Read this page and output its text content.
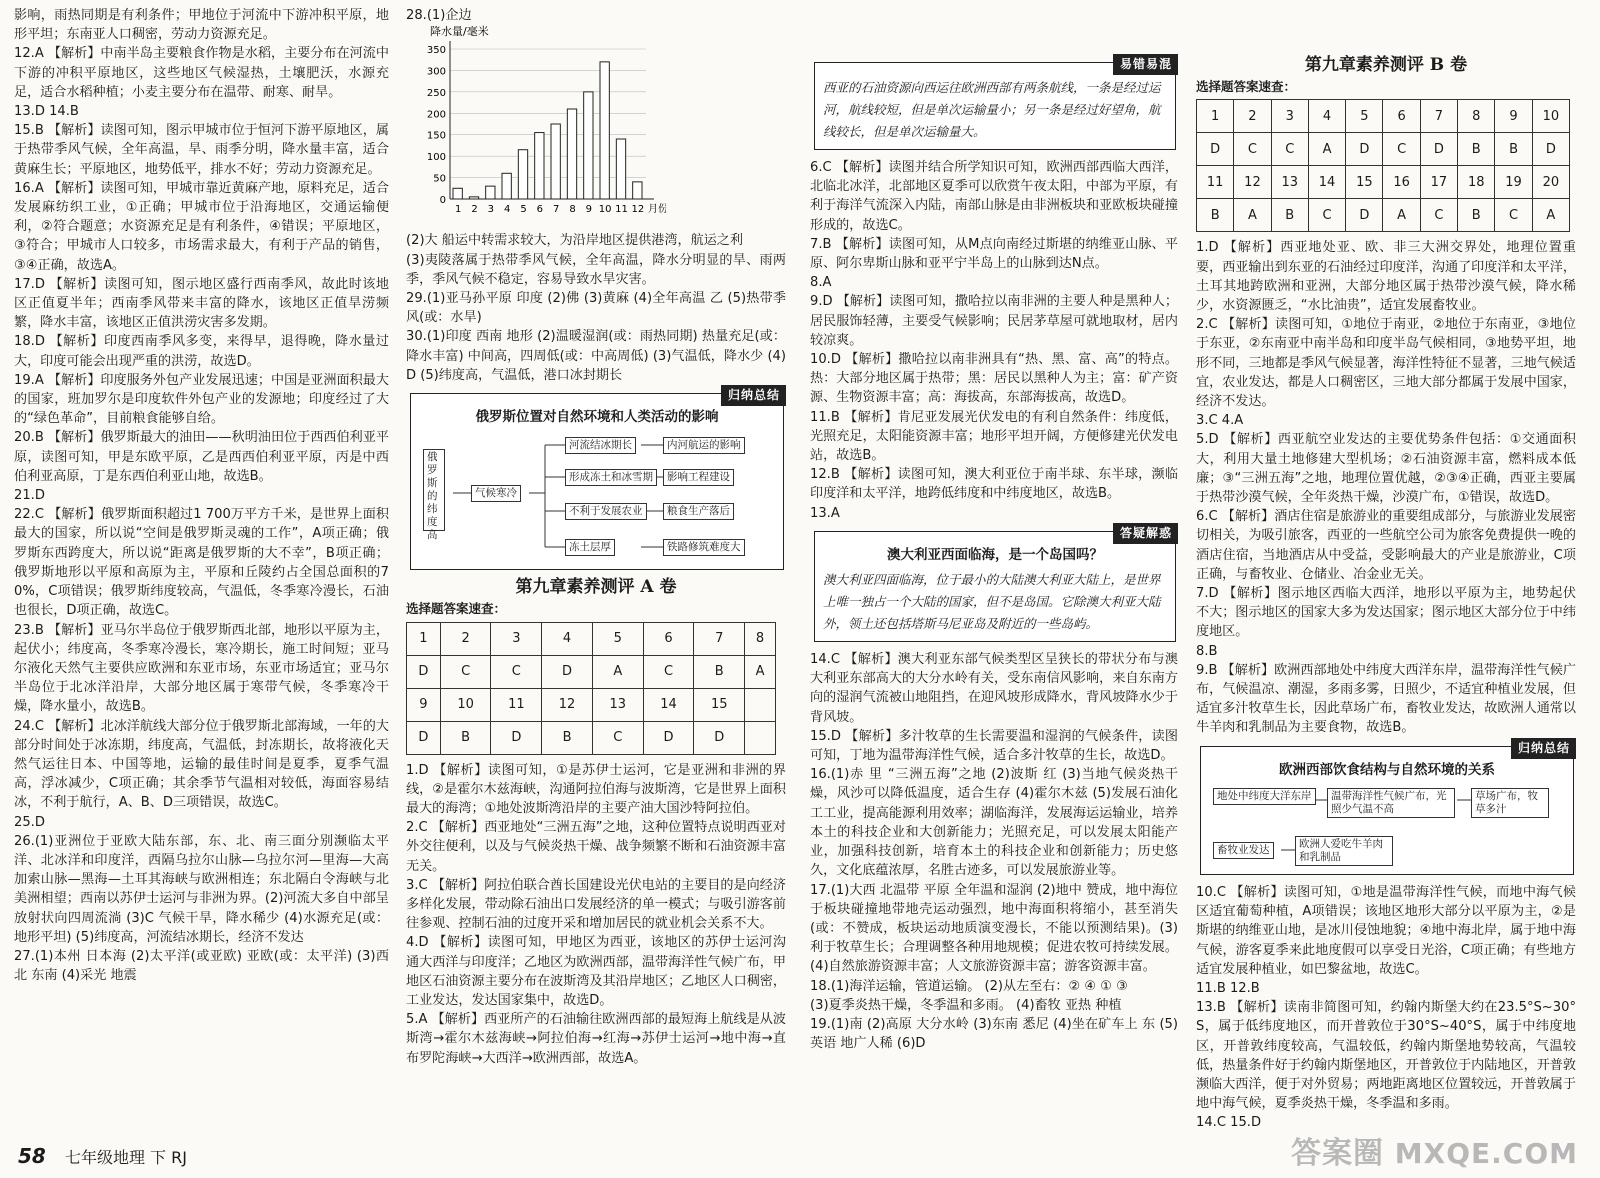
影响，雨热同期是有利条件；甲地位于河流中下游冲积平原，地形平坦；东南亚人口稠密，劳动力资源充足。

12.A 【解析】中南半岛主要粮食作物是水稻，主要分布在河流中下游的冲积平原地区，这些地区气候湿热，土壤肥沃，水源充足，适合水稻种植；小麦主要分布在温带、耐寒、耐旱。

13.D 14.B

15.B 【解析】读图可知，图示甲城市位于恒河下游平原地区，属于热带季风气候，全年高温，旱、雨季分明，降水量丰富，适合黄麻生长；平原地区，地势低平，排水不好；劳动力资源充足。

16.A 【解析】读图可知，甲城市靠近黄麻产地，原料充足，适合发展麻纺织工业，①正确；甲城市位于沿海地区，交通运输便利，②符合题意；水资源充足是有利条件，④错误；平原地区，③符合；甲城市人口较多，市场需求最大，有利于产品的销售，③④正确，故选A。

17.D 【解析】读图可知，图示地区盛行西南季风，故此时该地区正值夏半年；西南季风带来丰富的降水，该地区正值旱涝频繁，降水丰富，该地区正值洪涝灾害多发期。

18.D 【解析】印度西南季风多变，来得早，退得晚，降水量过大，印度可能会出现严重的洪涝，故选D。

19.A 【解析】印度服务外包产业发展迅速；中国是亚洲面积最大的国家，班加罗尔是印度软件外包产业的发源地；印度经过了大的“绿色革命”，目前粮食能够自给。

20.B 【解析】俄罗斯最大的油田——秋明油田位于西西伯利亚平原，读图可知，甲是东欧平原，乙是西西伯利亚平原，丙是中西伯利亚高原，丁是东西伯利亚山地，故选B。

21.D

22.C 【解析】俄罗斯面积超过1 700万平方千米，是世界上面积最大的国家，所以说“空间是俄罗斯灵魂的工作”，A项正确；俄罗斯东西跨度大，所以说“距离是俄罗斯的大不幸”，B项正确；俄罗斯地形以平原和高原为主，平原和丘陵约占全国总面积的70%，C项错误；俄罗斯纬度较高，气温低，冬季寒冷漫长，石油也很长，D项正确，故选C。

23.B 【解析】亚马尔半岛位于俄罗斯西北部，地形以平原为主，起伏小；纬度高，冬季寒冷漫长，寒冷期长，施工时间短；亚马尔液化天然气主要供应欧洲和东亚市场，东亚市场适宜；亚马尔半岛位于北冰洋沿岸，大部分地区属于寒带气候，冬季寒冷干燥，降水量小，故选B。

24.C 【解析】北冰洋航线大部分位于俄罗斯北部海域，一年的大部分时间处于冰冻期，纬度高，气温低，封冻期长，故将液化天然气运往日本、中国等地，运输的最佳时间是夏季，夏季气温高，浮冰减少，C项正确；其余季节气温相对较低，海面容易结冰，不利于航行，A、B、D三项错误，故选C。

25.D

26.(1)亚洲位于亚欧大陆东部，东、北、南三面分别濒临太平洋、北冰洋和印度洋，西隔乌拉尔山脉—乌拉尔河—里海—大高加索山脉—黑海—土耳其海峡与欧洲相连；东北隔白令海峡与北美洲相望；西南以苏伊士运河与非洲为界。(2)河流大多自中部呈放射状向四周流淌 (3)C 气候干旱，降水稀少 (4)水源充足(或：地形平坦) (5)纬度高，河流结冰期长，经济不发达

27.(1)本州 日本海 (2)太平洋(或亚欧) 亚欧(或：太平洋) (3)西北 东南 (4)采光 地震

28.(1)企边

降水量/毫米
0
50
100
150
200
250
300
350
1 2 3 4 5 6 7 8 9 10 11 12 月份

(2)大 船运中转需求较大，为沿岸地区提供港湾，航运之利

(3)夷陵落属于热带季风气候，全年高温，降水分明显的旱、雨两季，季风气候不稳定，容易导致水旱灾害。

29.(1)亚马孙平原 印度 (2)佛 (3)黄麻 (4)全年高温 乙 (5)热带季风(或：水旱)

30.(1)印度 西南 地形 (2)温暖湿润(或：雨热同期) 热量充足(或：降水丰富) 中间高，四周低(或：中高周低) (3)气温低，降水少 (4)D (5)纬度高，气温低，港口冰封期长

归纳总结
俄罗斯位置对自然环境和人类活动的影响
俄罗斯的纬度高
气候寒冷
河流结冰期长	内河航运的影响
形成冻土和冰雪期	影响工程建设
不利于发展农业	粮食生产落后
冻土层厚	铁路修筑难度大
第九章素养测评 A 卷
选择题答案速查：
1	2	3	4	5	6	7	8
D	C	C	D	A	C	B	A
9	10	11	12	13	14	15	
D	B	D	B	C	D	D	

1.D 【解析】读图可知，①是苏伊士运河，它是亚洲和非洲的界线，②是霍尔木兹海峡，沟通阿拉伯海与波斯湾，它是世界上面积最大的海湾；①地处波斯湾沿岸的主要产油大国沙特阿拉伯。

2.C 【解析】西亚地处“三洲五海”之地，这种位置特点说明西亚对外交往便利，以及与气候炎热干燥、战争频繁不断和石油资源丰富无关。

3.C 【解析】阿拉伯联合酋长国建设光伏电站的主要目的是向经济多样化发展，带动除石油出口发展经济的单一模式；与吸引游客前往参观、控制石油的过度开采和增加居民的就业机会关系不大。

4.D 【解析】读图可知，甲地区为西亚，该地区的苏伊士运河沟通大西洋与印度洋；乙地区为欧洲西部，温带海洋性气候广布，甲地区石油资源主要分布在波斯湾及其沿岸地区；乙地区人口稠密，工业发达，发达国家集中，故选D。

5.A 【解析】西亚所产的石油输往欧洲西部的最短海上航线是从波斯湾→霍尔木兹海峡→阿拉伯海→红海→苏伊士运河→地中海→直布罗陀海峡→大西洋→欧洲西部，故选A。

易错易混
西亚的石油资源向西运往欧洲西部有两条航线，一条是经过运河，航线较短，但是单次运输量小；另一条是经过好望角，航线较长，但是单次运输量大。

6.C 【解析】读图并结合所学知识可知，欧洲西部西临大西洋，北临北冰洋，北部地区夏季可以欣赏午夜太阳，中部为平原，有利于海洋气流深入内陆，南部山脉是由非洲板块和亚欧板块碰撞形成的，故选C。

7.B 【解析】读图可知，从M点向南经过斯堪的纳维亚山脉、平原、阿尔卑斯山脉和亚平宁半岛上的山脉到达N点。

8.A

9.D 【解析】读图可知，撒哈拉以南非洲的主要人种是黑种人；居民服饰轻薄，主要受气候影响；民居茅草屋可就地取材，居内较凉爽。

10.D 【解析】撒哈拉以南非洲具有“热、黑、富、高”的特点。热：大部分地区属于热带；黑：居民以黑种人为主；富：矿产资源、生物资源丰富；高：海拔高，东部海拔高，故选D。

11.B 【解析】肯尼亚发展光伏发电的有利自然条件：纬度低，光照充足，太阳能资源丰富；地形平坦开阔，方便修建光伏发电站，故选B。

12.B 【解析】读图可知，澳大利亚位于南半球、东半球，濒临印度洋和太平洋，地跨低纬度和中纬度地区，故选B。

13.A

答疑解惑
澳大利亚西面临海，是一个岛国吗？
澳大利亚四面临海，位于最小的大陆澳大利亚大陆上，是世界上唯一独占一个大陆的国家，但不是岛国。它除澳大利亚大陆外，领土还包括塔斯马尼亚岛及附近的一些岛屿。

14.C 【解析】澳大利亚东部气候类型区呈狭长的带状分布与澳大利亚东部高大的大分水岭有关，受东南信风影响，来自东南方向的湿润气流被山地阻挡，在迎风坡形成降水，背风坡降水少于背风坡。

15.D 【解析】多汁牧草的生长需要温和湿润的气候条件，读图可知，丁地为温带海洋性气候，适合多汁牧草的生长，故选D。

16.(1)赤 里 “三洲五海”之地 (2)波斯 红 (3)当地气候炎热干燥，风沙可以降低温度，适合生存 (4)霍尔木兹 (5)发展石油化工工业，提高能源利用效率；湖临海洋，发展海运运输业，培养本土的科技企业和大创新能力；光照充足，可以发展太阳能产业，加强科技创新，培育本土的科技企业和创新能力；历史悠久，文化底蕴浓厚，名胜古迹多，可以发展旅游业等。

17.(1)大西 北温带 平原 全年温和湿润 (2)地中 赞成，地中海位于板块碰撞地带地壳运动强烈，地中海面积将缩小，甚至消失(或：不赞成，板块运动地质演变漫长，不能以预测结果)。(3)利于牧草生长；合理调整各种用地规模；促进农牧可持续发展。(4)自然旅游资源丰富；人文旅游资源丰富；游客资源丰富。

18.(1)海洋运输，管道运输。 (2)从左至右：② ④ ① ③

(3)夏季炎热干燥，冬季温和多雨。 (4)畜牧 亚热 种植

19.(1)南 (2)高原 大分水岭 (3)东南 悉尼 (4)坐在矿车上 东 (5)英语 地广人稀 (6)D

第九章素养测评 B 卷
选择题答案速查：
1	2	3	4	5	6	7	8	9	10
D	C	C	A	D	C	D	B	B	D
11	12	13	14	15	16	17	18	19	20
B	A	B	C	D	A	C	B	C	A

1.D 【解析】西亚地处亚、欧、非三大洲交界处，地理位置重要，西亚输出到东亚的石油经过印度洋，沟通了印度洋和太平洋，土耳其地跨欧洲和亚洲，大部分地区属于热带沙漠气候，降水稀少，水资源匮乏，“水比油贵”，适宜发展畜牧业。

2.C 【解析】读图可知，①地位于南亚，②地位于东南亚，③地位于东亚，②东南亚中南半岛和印度半岛气候相同，③地势平坦，地形不同，三地都是季风气候显著，海洋性特征不显著，三地气候适宜，农业发达，都是人口稠密区，三地大部分都属于发展中国家，经济不发达。

3.C 4.A

5.D 【解析】西亚航空业发达的主要优势条件包括：①交通面积大，利用大量土地修建大型机场；②石油资源丰富，燃料成本低廉；③“三洲五海”之地，地理位置优越，②③④正确，西亚主要属于热带沙漠气候，全年炎热干燥，沙漠广布，①错误，故选D。

6.C 【解析】酒店住宿是旅游业的重要组成部分，与旅游业发展密切相关，为吸引旅客，西亚的一些航空公司为旅客免费提供一晚的酒店住宿，当地酒店从中受益，受影响最大的产业是旅游业，C项正确，与畜牧业、仓储业、冶金业无关。

7.D 【解析】图示地区西临大西洋，地形以平原为主，地势起伏不大；图示地区的国家大多为发达国家；图示地区大部分位于中纬度地区。

8.B

9.B 【解析】欧洲西部地处中纬度大西洋东岸，温带海洋性气候广布，气候温凉、潮湿，多雨多雾，日照少，不适宜种植业发展，但适宜多汁牧草生长，因此草场广布，畜牧业发达，故欧洲人通常以牛羊肉和乳制品为主要食物，故选B。

归纳总结
欧洲西部饮食结构与自然环境的关系
地处中纬度大洋东岸	温带海洋性气候广布，光照少气温不高
草场广布，牧草多汁
畜牧业发达	欧洲人爱吃牛羊肉和乳制品

10.C 【解析】读图可知，①地是温带海洋性气候，而地中海气候区适宜葡萄种植，A项错误；该地区地形大部分以平原为主，②是斯堪的纳维亚山地，是冰川侵蚀地貌；④地中海北岸，属于地中海气候，游客夏季来此地度假可以享受日光浴，C项正确；有些地方适宜发展种植业，如巴黎盆地，故选C。

11.B 12.B

13.B 【解析】读南非简图可知，约翰内斯堡大约在23.5°S~30°S，属于低纬度地区，而开普敦位于30°S~40°S，属于中纬度地区，开普敦纬度较高，气温较低，约翰内斯堡地势较高，气温较低，热量条件好于约翰内斯堡地区，开普敦位于内陆地区，开普敦濒临大西洋，便于对外贸易；两地距离地区位置较远，开普敦属于地中海气候，夏季炎热干燥，冬季温和多雨。

14.C 15.D

58 七年级地理 下 RJ	答案圈 MXQE.COM
